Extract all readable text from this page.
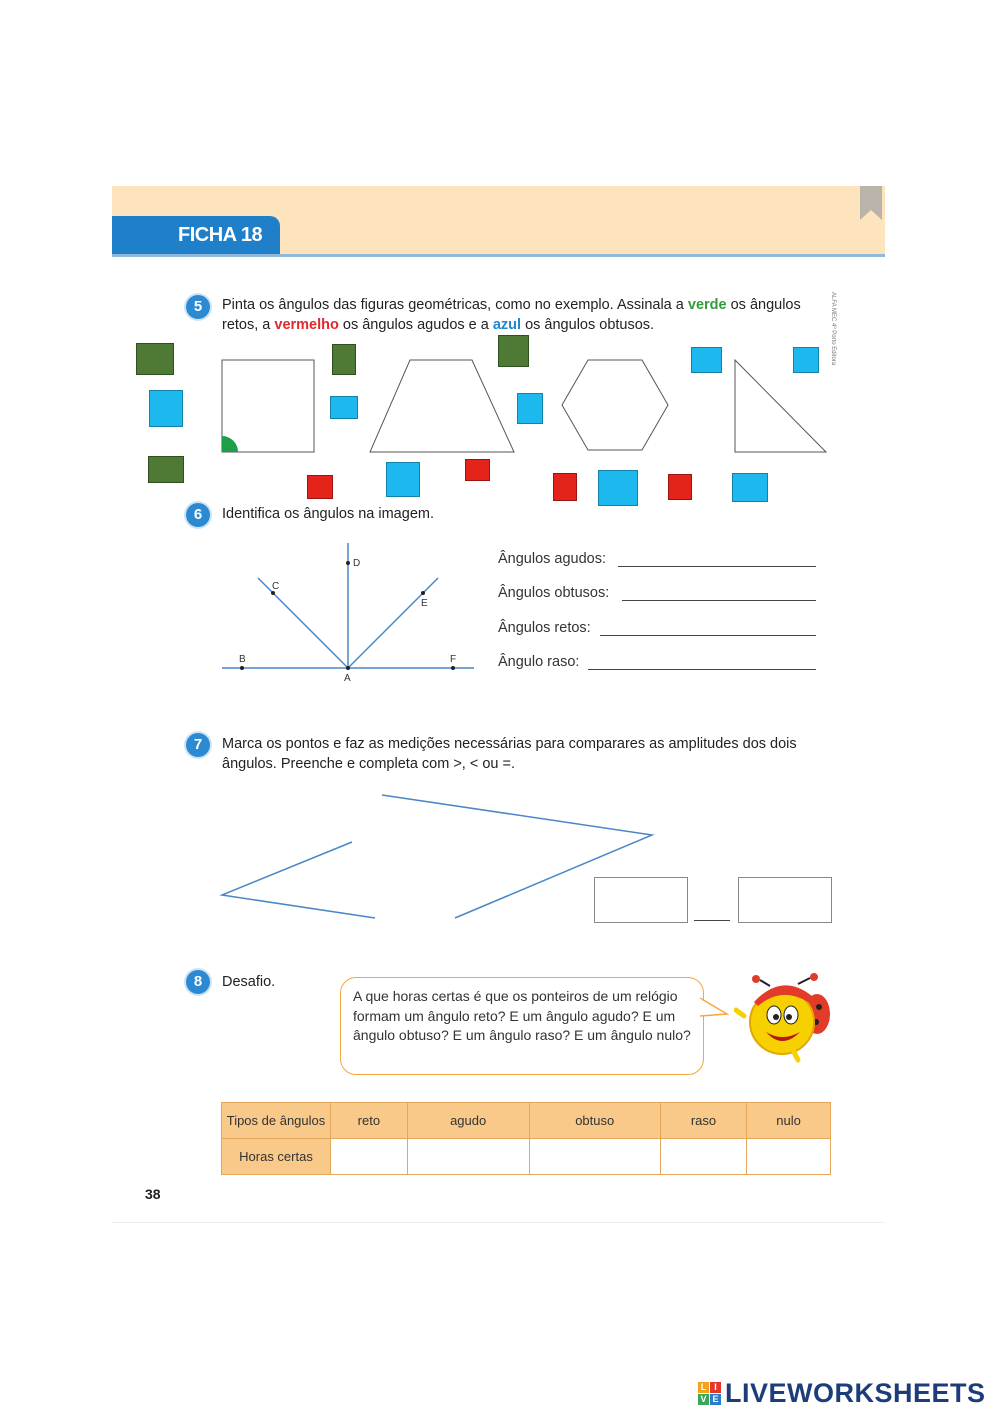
FICHA 18
ALFA MEC 4º Porto Editora
5	Pinta os ângulos das figuras geométricas, como no exemplo. Assinala a verde os ângulos retos, a vermelho os ângulos agudos e a azul os ângulos obtusos.
6	Identifica os ângulos na imagem.
B	F
A
D
C
E
Ângulos agudos:
Ângulos obtusos:
Ângulos retos:
Ângulo raso:
7	Marca os pontos e faz as medições necessárias para comparares as amplitudes dos dois ângulos. Preenche e completa com >, < ou =.
8	Desafio.
A que horas certas é que os ponteiros de um relógio formam um ângulo reto? E um ângulo agudo? E um ângulo obtuso? E um ângulo raso? E um ângulo nulo?
Tipos de ângulos	reto	agudo	obtuso	raso	nulo
Horas certas					
38
L I
V E LIVEWORKSHEETS
